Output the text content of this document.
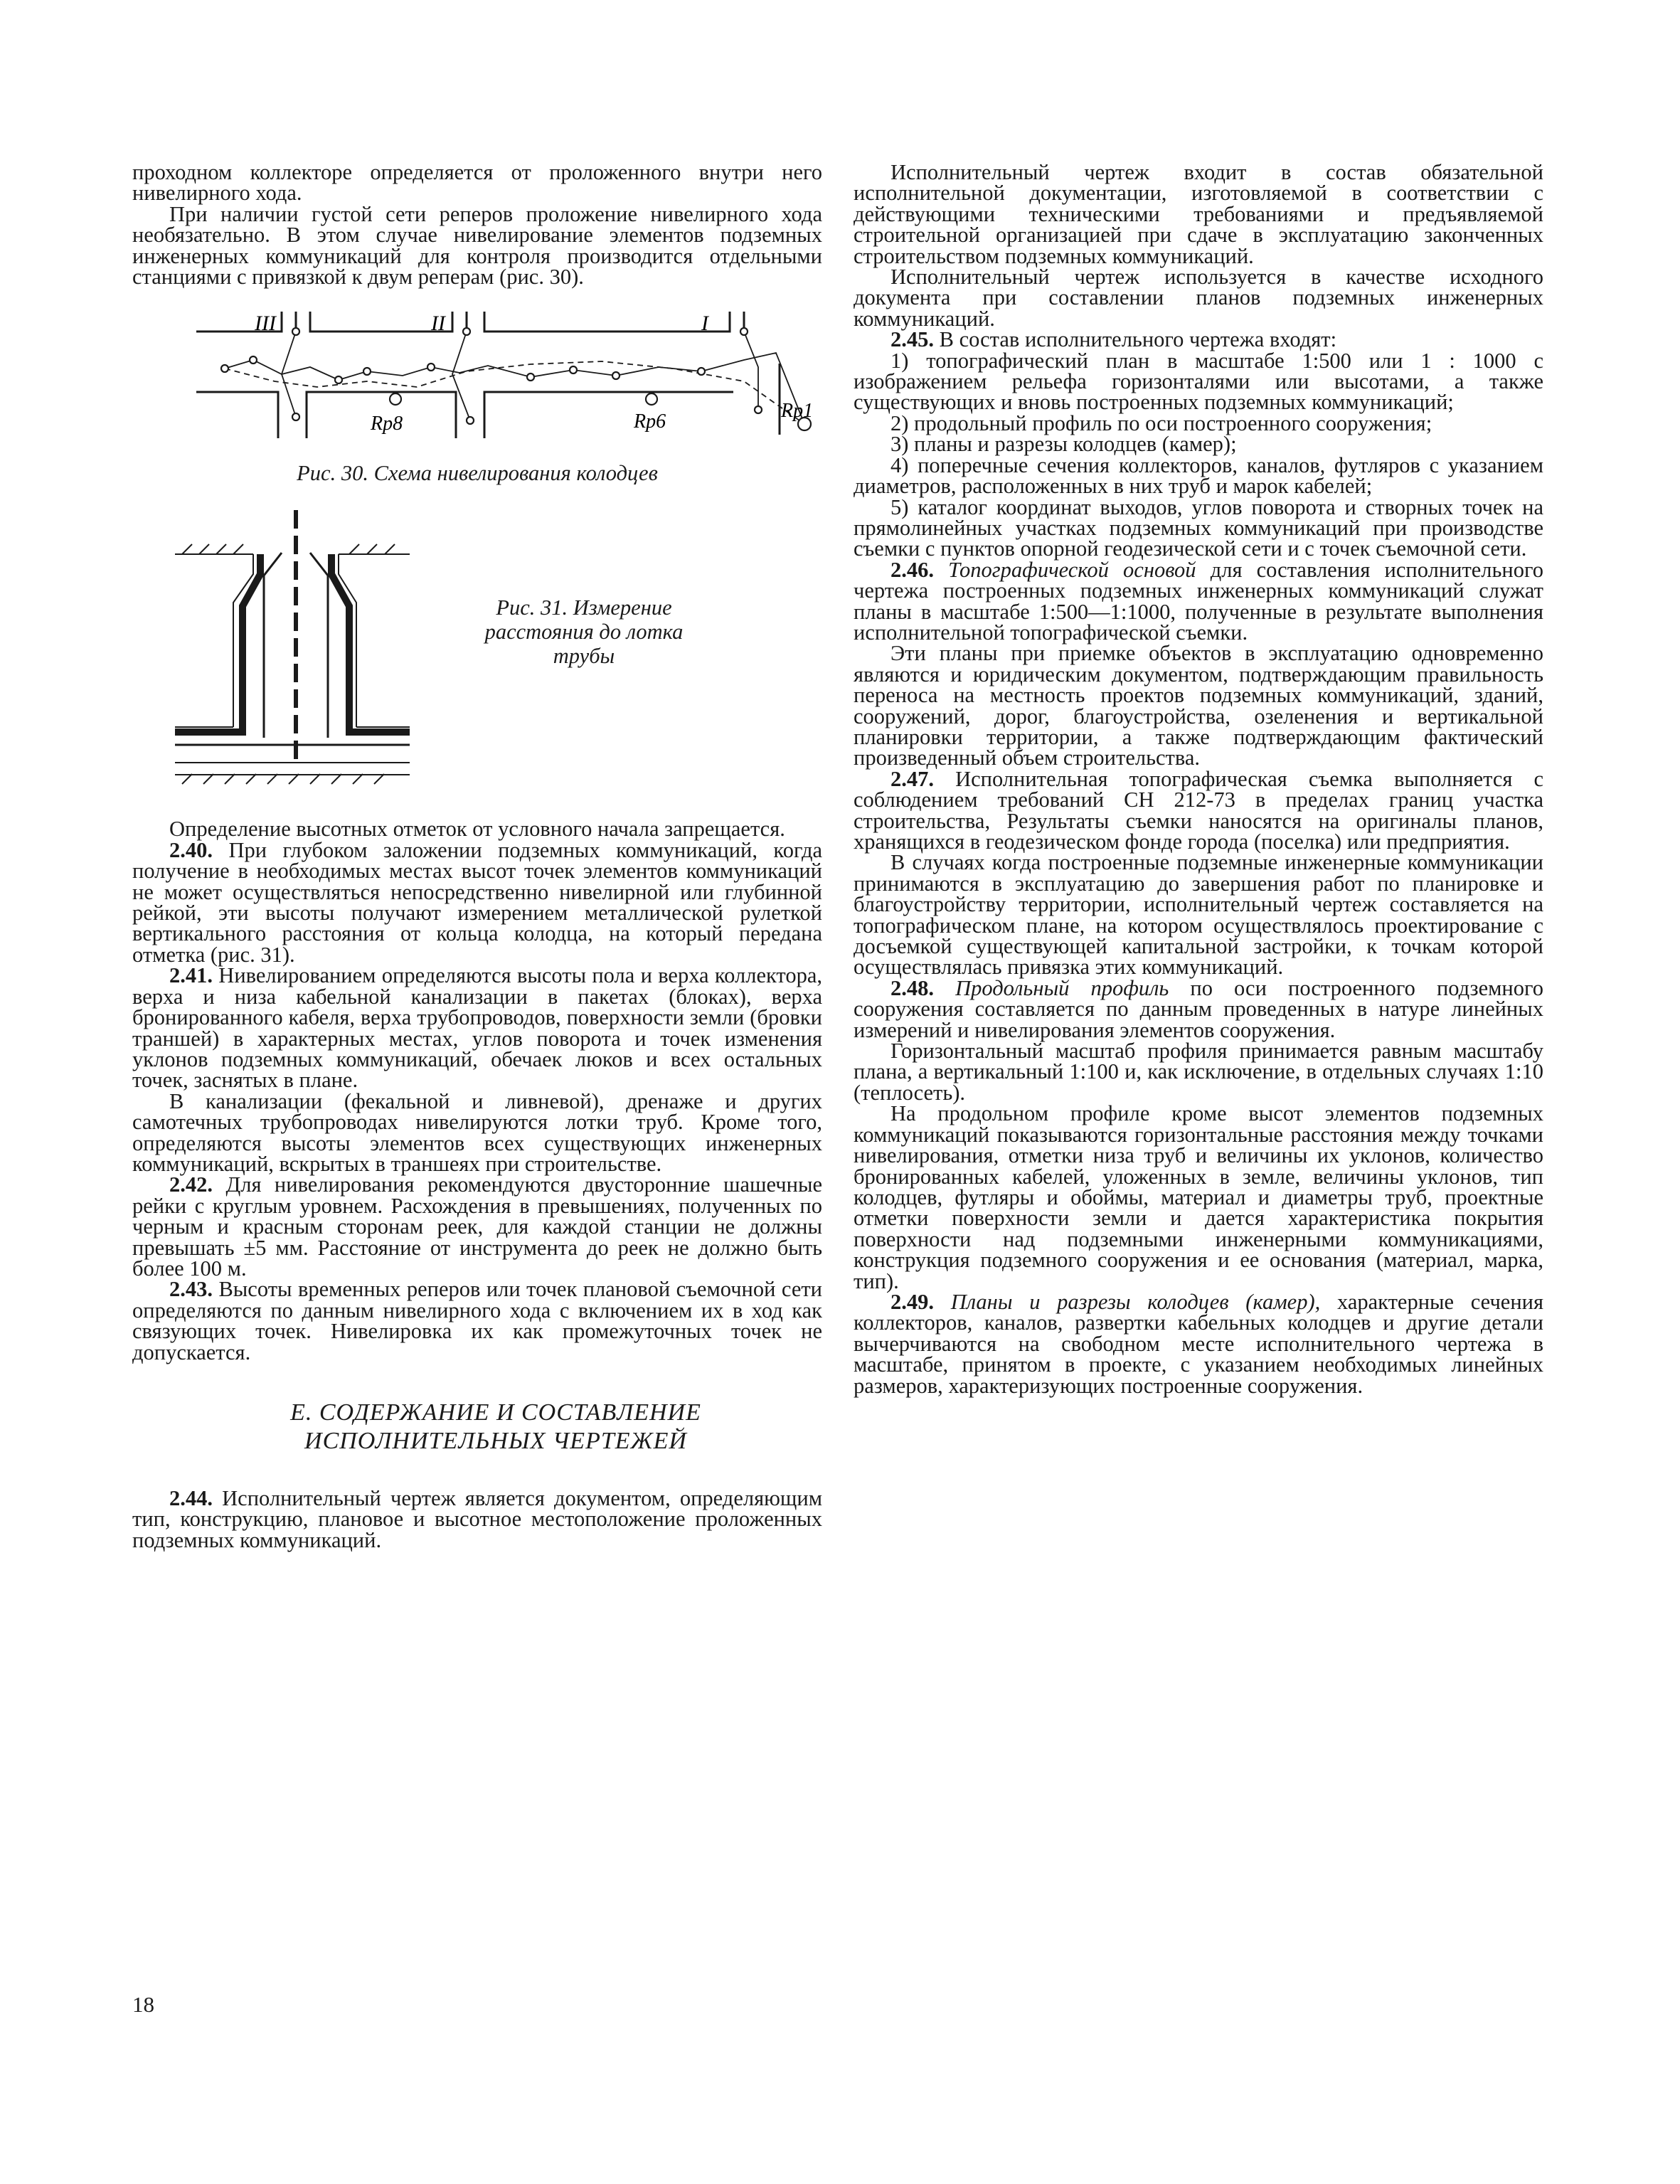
проходном коллекторе определяется от проложенного внутри него нивелирного хода.

При наличии густой сети реперов проложение нивелирного хода необязательно. В этом случае нивелирование элементов подземных инженерных коммуникаций для контроля производится отдельными станциями с привязкой к двум реперам (рис. 30).

III	II	I
Rp8	Rp6	Rp1
Рис. 30. Схема нивелирования колодцев
Рис. 31. Измерение расстояния до лотка трубы

Определение высотных отметок от условного начала запрещается.

2.40. При глубоком заложении подземных коммуникаций, когда получение в необходимых местах высот точек элементов коммуникаций не может осуществляться непосредственно нивелирной или глубинной рейкой, эти высоты получают измерением металлической рулеткой вертикального расстояния от кольца колодца, на который передана отметка (рис. 31).

2.41. Нивелированием определяются высоты пола и верха коллектора, верха и низа кабельной канализации в пакетах (блоках), верха бронированного кабеля, верха трубопроводов, поверхности земли (бровки траншей) в характерных местах, углов поворота и точек изменения уклонов подземных коммуникаций, обечаек люков и всех остальных точек, заснятых в плане.

В канализации (фекальной и ливневой), дренаже и других самотечных трубопроводах нивелируются лотки труб. Кроме того, определяются высоты элементов всех существующих инженерных коммуникаций, вскрытых в траншеях при строительстве.

2.42. Для нивелирования рекомендуются двусторонние шашечные рейки с круглым уровнем. Расхождения в превышениях, полученных по черным и красным сторонам реек, для каждой станции не должны превышать ±5 мм. Расстояние от инструмента до реек не должно быть более 100 м.

2.43. Высоты временных реперов или точек плановой съемочной сети определяются по данным нивелирного хода с включением их в ход как связующих точек. Нивелировка их как промежуточных точек не допускается.

Е. СОДЕРЖАНИЕ И СОСТАВЛЕНИЕ

ИСПОЛНИТЕЛЬНЫХ ЧЕРТЕЖЕЙ

2.44. Исполнительный чертеж является документом, определяющим тип, конструкцию, плановое и высотное местоположение проложенных подземных коммуникаций.

Исполнительный чертеж входит в состав обязательной исполнительной документации, изготовляемой в соответствии с действующими техническими требованиями и предъявляемой строительной организацией при сдаче в эксплуатацию законченных строительством подземных коммуникаций.

Исполнительный чертеж используется в качестве исходного документа при составлении планов подземных инженерных коммуникаций.

2.45. В состав исполнительного чертежа входят:

1) топографический план в масштабе 1:500 или 1 : 1000 с изображением рельефа горизонталями или высотами, а также существующих и вновь построенных подземных коммуникаций;

2) продольный профиль по оси построенного сооружения;

3) планы и разрезы колодцев (камер);

4) поперечные сечения коллекторов, каналов, футляров с указанием диаметров, расположенных в них труб и марок кабелей;

5) каталог координат выходов, углов поворота и створных точек на прямолинейных участках подземных коммуникаций при производстве съемки с пунктов опорной геодезической сети и с точек съемочной сети.

2.46. Топографической основой для составления исполнительного чертежа построенных подземных инженерных коммуникаций служат планы в масштабе 1:500—1:1000, полученные в результате выполнения исполнительной топографической съемки.

Эти планы при приемке объектов в эксплуатацию одновременно являются и юридическим документом, подтверждающим правильность переноса на местность проектов подземных коммуникаций, зданий, сооружений, дорог, благоустройства, озеленения и вертикальной планировки территории, а также подтверждающим фактический произведенный объем строительства.

2.47. Исполнительная топографическая съемка выполняется с соблюдением требований СН 212-73 в пределах границ участка строительства, Результаты съемки наносятся на оригиналы планов, хранящихся в геодезическом фонде города (поселка) или предприятия.

В случаях когда построенные подземные инженерные коммуникации принимаются в эксплуатацию до завершения работ по планировке и благоустройству территории, исполнительный чертеж составляется на топографическом плане, на котором осуществлялось проектирование с досъемкой существующей капитальной застройки, к точкам которой осуществлялась привязка этих коммуникаций.

2.48. Продольный профиль по оси построенного подземного сооружения составляется по данным проведенных в натуре линейных измерений и нивелирования элементов сооружения.

Горизонтальный масштаб профиля принимается равным масштабу плана, а вертикальный 1:100 и, как исключение, в отдельных случаях 1:10 (теплосеть).

На продольном профиле кроме высот элементов подземных коммуникаций показываются горизонтальные расстояния между точками нивелирования, отметки низа труб и величины их уклонов, количество бронированных кабелей, уложенных в земле, величины уклонов, тип колодцев, футляры и обоймы, материал и диаметры труб, проектные отметки поверхности земли и дается характеристика покрытия поверхности над подземными инженерными коммуникациями, конструкция подземного сооружения и ее основания (материал, марка, тип).

2.49. Планы и разрезы колодцев (камер), характерные сечения коллекторов, каналов, развертки кабельных колодцев и другие детали вычерчиваются на свободном месте исполнительного чертежа в масштабе, принятом в проекте, с указанием необходимых линейных размеров, характеризующих построенные сооружения.

18
